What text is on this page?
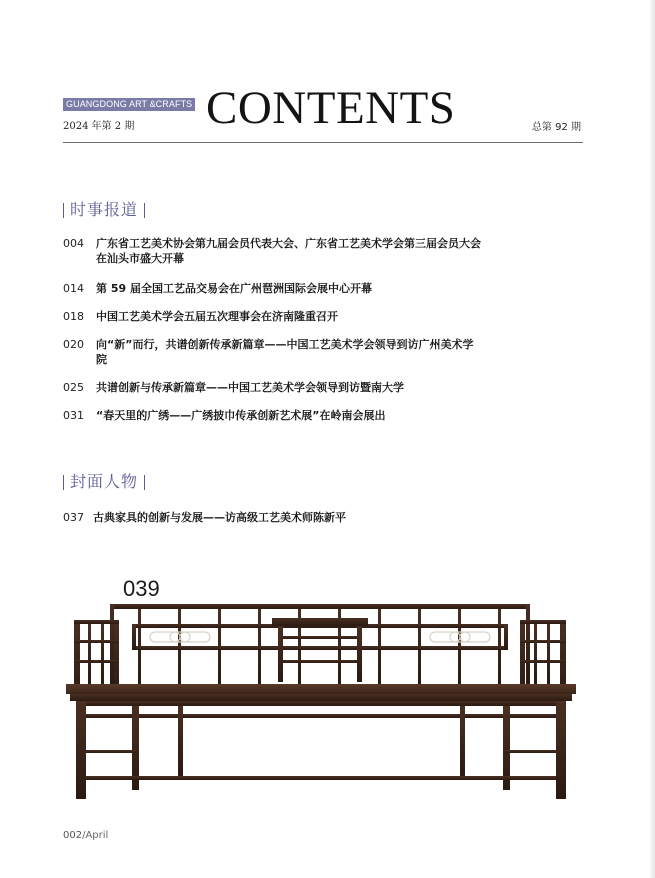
GUANGDONG ART &CRAFTS
2024 年第 2 期 CONTENTS	总第 92 期
时事报道
004	广东省工艺美术协会第九届会员代表大会、广东省工艺美术学会第三届会员大会在汕头市盛大开幕
014	第 59 届全国工艺品交易会在广州琶洲国际会展中心开幕
018	中国工艺美术学会五届五次理事会在济南隆重召开
020	向“新”而行，共谱创新传承新篇章——中国工艺美术学会领导到访广州美术学院
025	共谱创新与传承新篇章——中国工艺美术学会领导到访暨南大学
031	“春天里的广绣——广绣披巾传承创新艺术展”在岭南会展出
封面人物
037 古典家具的创新与发展——访高级工艺美术师陈新平
039
002/April
